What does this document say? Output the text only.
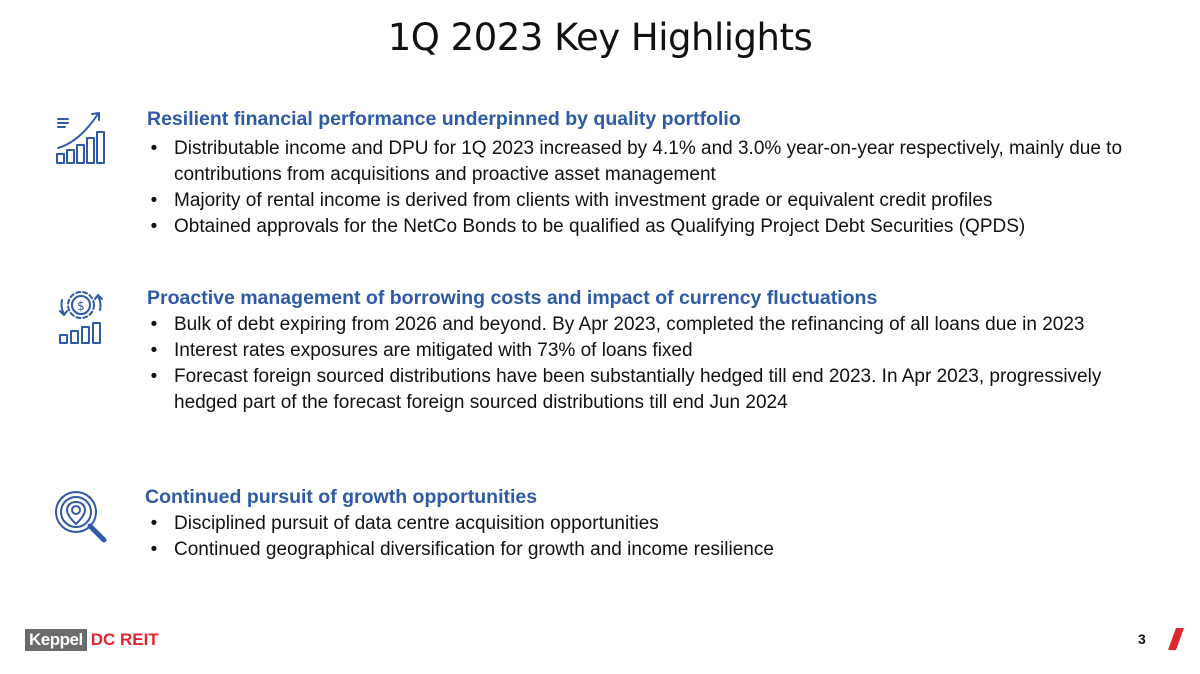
1Q 2023 Key Highlights
Resilient financial performance underpinned by quality portfolio
• Distributable income and DPU for 1Q 2023 increased by 4.1% and 3.0% year-on-year respectively, mainly due to contributions from acquisitions and proactive asset management
• Majority of rental income is derived from clients with investment grade or equivalent credit profiles
• Obtained approvals for the NetCo Bonds to be qualified as Qualifying Project Debt Securities (QPDS)
$	Proactive management of borrowing costs and impact of currency fluctuations
• Bulk of debt expiring from 2026 and beyond. By Apr 2023, completed the refinancing of all loans due in 2023
• Interest rates exposures are mitigated with 73% of loans fixed
• Forecast foreign sourced distributions have been substantially hedged till end 2023. In Apr 2023, progressively hedged part of the forecast foreign sourced distributions till end Jun 2024
Continued pursuit of growth opportunities
• Disciplined pursuit of data centre acquisition opportunities
• Continued geographical diversification for growth and income resilience
Keppel DC REIT	3
